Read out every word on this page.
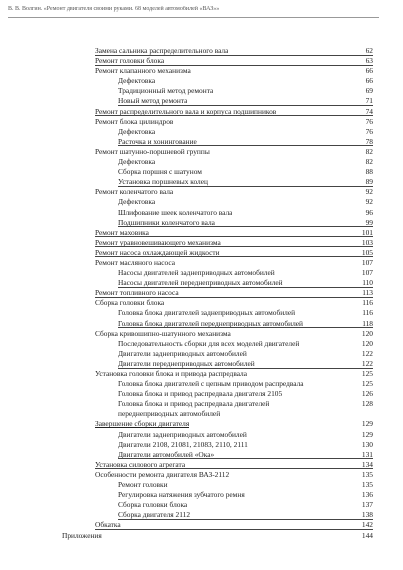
В. В. Волгин. «Ремонт двигателя своими руками. 68 моделей автомобилей «ВАЗ»»
Замена сальника распределительного вала	62
Ремонт головки блока	63
Ремонт клапанного механизма	66
Дефектовка	66
Традиционный метод ремонта	69
Новый метод ремонта	71
Ремонт распределительного вала и корпуса подшипников	74
Ремонт блока цилиндров	76
Дефектовка	76
Расточка и хонингование	78
Ремонт шатунно-поршневой группы	82
Дефектовка	82
Сборка поршня с шатуном	88
Установка поршневых колец	89
Ремонт коленчатого вала	92
Дефектовка	92
Шлифование шеек коленчатого вала	96
Подшипники коленчатого вала	99
Ремонт маховика	101
Ремонт уравновешивающего механизма	103
Ремонт насоса охлаждающей жидкости	105
Ремонт масляного насоса	107
Насосы двигателей заднеприводных автомобилей	107
Насосы двигателей переднеприводных автомобилей	110
Ремонт топливного насоса	113
Сборка головки блока	116
Головка блока двигателей заднеприводных автомобилей	116
Головка блока двигателей переднеприводных автомобилей	118
Сборка кривошипно-шатунного механизма	120
Последовательность сборки для всех моделей двигателей	120
Двигатели заднеприводных автомобилей	122
Двигатели переднеприводных автомобилей	122
Установка головки блока и привода распредвала	125
Головка блока двигателей с цепным приводом распредвала	125
Головка блока и привод распредвала двигателя 2105	126
Головка блока и привод распредвала двигателей	128
переднеприводных автомобилей
Завершение сборки двигателя	129
Двигатели заднеприводных автомобилей	129
Двигатели 2108, 21081, 21083, 2110, 2111	130
Двигатели автомобилей «Ока»	131
Установка силового агрегата	134
Особенности ремонта двигателя ВАЗ-2112	135
Ремонт головки	135
Регулировка натяжения зубчатого ремня	136
Сборка головки блока	137
Сборка двигателя 2112	138
Обкатка	142
Приложения	144
